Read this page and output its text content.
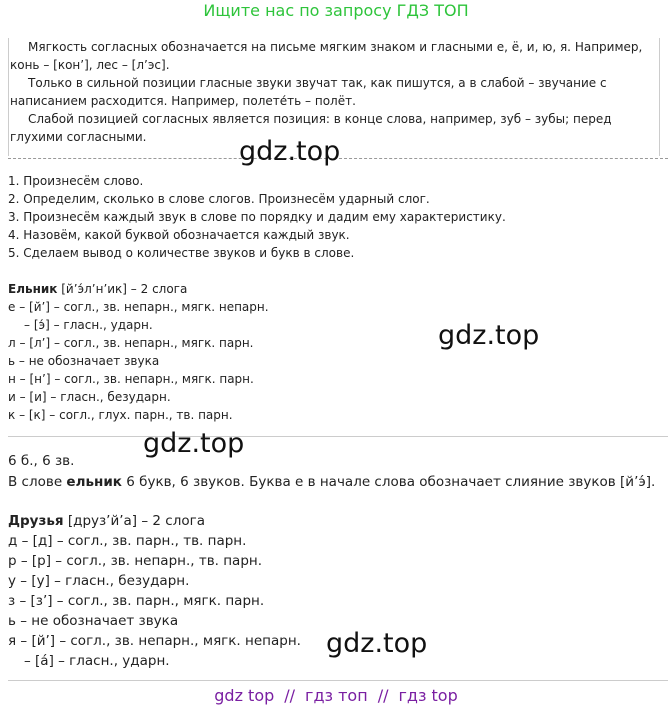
Ищите нас по запросу ГДЗ ТОП

Мягкость согласных обозначается на письме мягким знаком и гласными е, ё, и, ю, я. Например, конь – [кон’], лес – [л’эс].

Только в сильной позиции гласные звуки звучат так, как пишутся, а в слабой – звучание с написанием расходится. Например, полете́ть – полёт.

Слабой позицией согласных является позиция: в конце слова, например, зуб – зубы; перед глухими согласными.	gdz.top
1. Произнесём слово.
2. Определим, сколько в слове слогов. Произнесём ударный слог.
3. Произнесём каждый звук в слове по порядку и дадим ему характеристику.
4. Назовём, какой буквой обозначается каждый звук.
5. Сделаем вывод о количестве звуков и букв в слове.
Ельник [й’э́л’н’ик] – 2 слога
е – [й’] – согл., зв. непарн., мягк. непарн.
– [э́] – гласн., ударн.
л – [л’] – согл., зв. непарн., мягк. парн.
ь – не обозначает звука
н – [н’] – согл., зв. непарн., мягк. парн.
и – [и] – гласн., безударн.
к – [к] – согл., глух. парн., тв. парн.
gdz.top
gdz.top
6 б., 6 зв.
В слове ельник 6 букв, 6 звуков. Буква е в начале слова обозначает слияние звуков [й’э́].
Друзья [друз’й’а] – 2 слога
д – [д] – согл., зв. парн., тв. парн.
р – [р] – согл., зв. непарн., тв. парн.
у – [у] – гласн., безударн.
з – [з’] – согл., зв. парн., мягк. парн.
ь – не обозначает звука
я – [й’] – согл., зв. непарн., мягк. непарн.
– [а́] – гласн., ударн.
gdz.top
gdz top // гдз топ // гдз top
